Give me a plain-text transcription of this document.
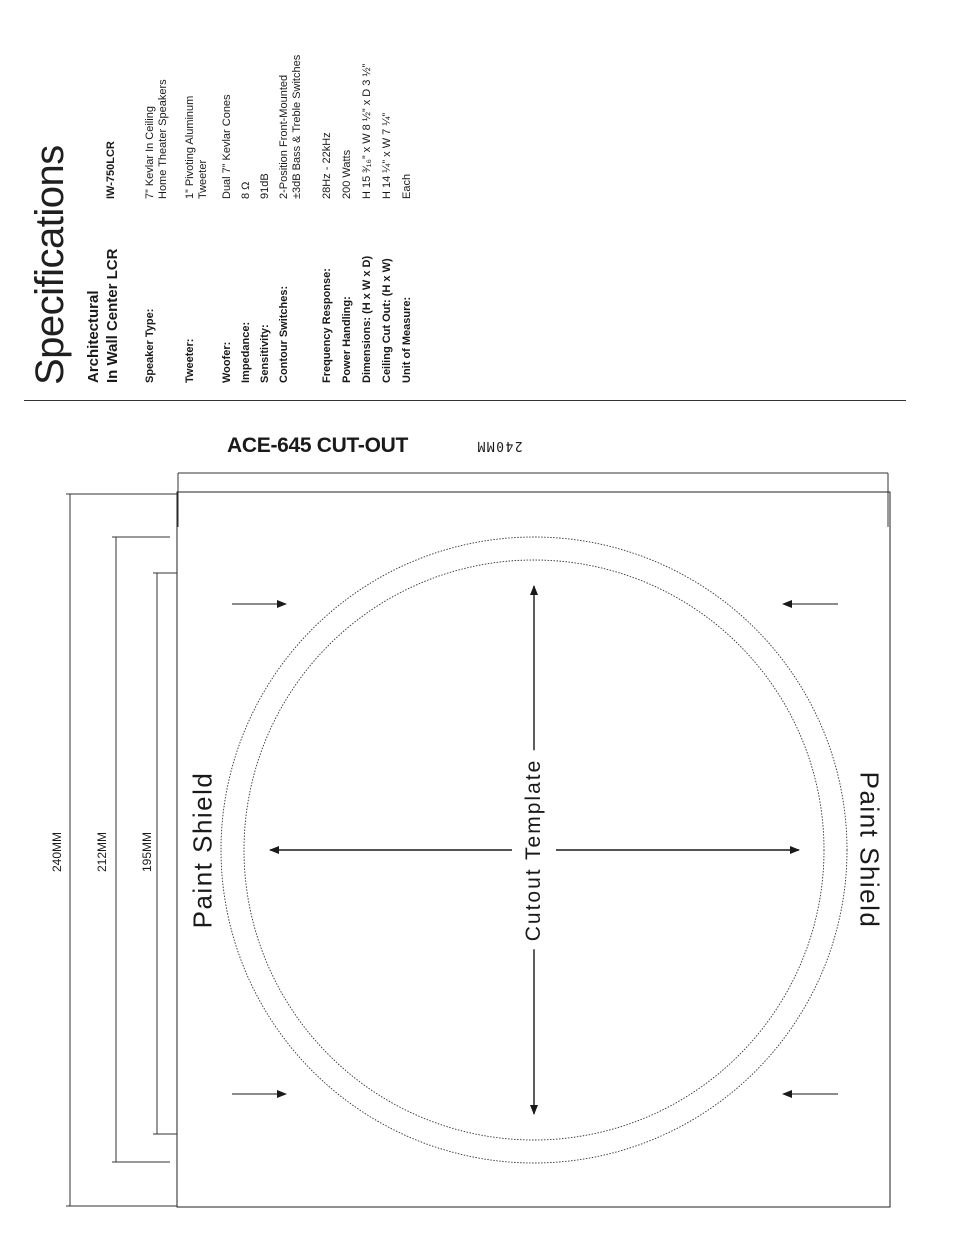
Specifications Architectural In Wall Center LCR
IW-750LCR
Speaker Type:
7” Kevlar In Ceiling Home Theater Speakers
Tweeter:
1” Pivoting Aluminum Tweeter
Woofer:
Dual 7” Kevlar Cones
Impedance:
8 Ω
Sensitivity:
91dB
Contour Switches:
2-Position Front-Mounted ±3dB Bass & Treble Switches
Frequency Response:
28Hz - 22kHz
Power Handling:
200 Watts
Dimensions: (H x W x D)
H 15 ³⁄₁₆” x W 8 ½” x D 3 ½”
Ceiling Cut Out: (H x W)
H 14 ¼” x W 7 ¼”
Unit of Measure:
Each
ACE-645 CUT-OUT	240MM
240MM	212MM	195MM Paint Shield	Paint Shield
Cutout Template
